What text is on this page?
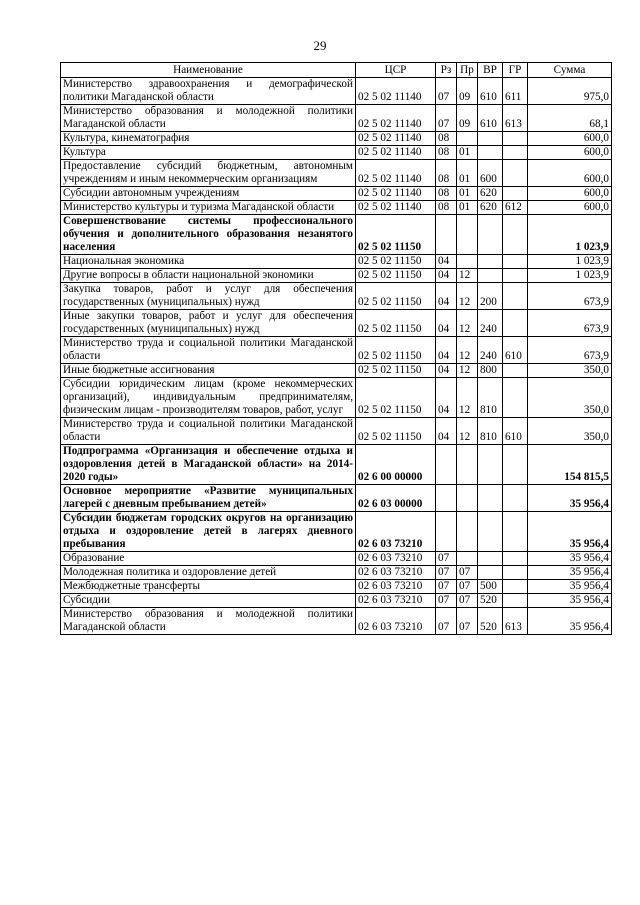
29
Наименование	ЦСР	Рз	Пр	ВР	ГР	Сумма
Министерство здравоохранения и демографической политики Магаданской области	02 5 02 11140	07	09	610	611	975,0
Министерство образования и молодежной политики Магаданской области	02 5 02 11140	07	09	610	613	68,1
Культура, кинематография	02 5 02 11140	08				600,0
Культура	02 5 02 11140	08	01			600,0
Предоставление субсидий бюджетным, автономным учреждениям и иным некоммерческим организациям	02 5 02 11140	08	01	600		600,0
Субсидии автономным учреждениям	02 5 02 11140	08	01	620		600,0
Министерство культуры и туризма Магаданской области	02 5 02 11140	08	01	620	612	600,0
Совершенствование системы профессионального обучения и дополнительного образования незанятого населения	02 5 02 11150					1 023,9
Национальная экономика	02 5 02 11150	04				1 023,9
Другие вопросы в области национальной экономики	02 5 02 11150	04	12			1 023,9
Закупка товаров, работ и услуг для обеспечения государственных (муниципальных) нужд	02 5 02 11150	04	12	200		673,9
Иные закупки товаров, работ и услуг для обеспечения государственных (муниципальных) нужд	02 5 02 11150	04	12	240		673,9
Министерство труда и социальной политики Магаданской области	02 5 02 11150	04	12	240	610	673,9
Иные бюджетные ассигнования	02 5 02 11150	04	12	800		350,0
Субсидии юридическим лицам (кроме некоммерческих организаций), индивидуальным предпринимателям, физическим лицам - производителям товаров, работ, услуг	02 5 02 11150	04	12	810		350,0
Министерство труда и социальной политики Магаданской области	02 5 02 11150	04	12	810	610	350,0
Подпрограмма «Организация и обеспечение отдыха и оздоровления детей в Магаданской области» на 2014-2020 годы»	02 6 00 00000					154 815,5
Основное мероприятие «Развитие муниципальных лагерей с дневным пребыванием детей»	02 6 03 00000					35 956,4
Субсидии бюджетам городских округов на организацию отдыха и оздоровление детей в лагерях дневного пребывания	02 6 03 73210					35 956,4
Образование	02 6 03 73210	07				35 956,4
Молодежная политика и оздоровление детей	02 6 03 73210	07	07			35 956,4
Межбюджетные трансферты	02 6 03 73210	07	07	500		35 956,4
Субсидии	02 6 03 73210	07	07	520		35 956,4
Министерство образования и молодежной политики Магаданской области	02 6 03 73210	07	07	520	613	35 956,4
